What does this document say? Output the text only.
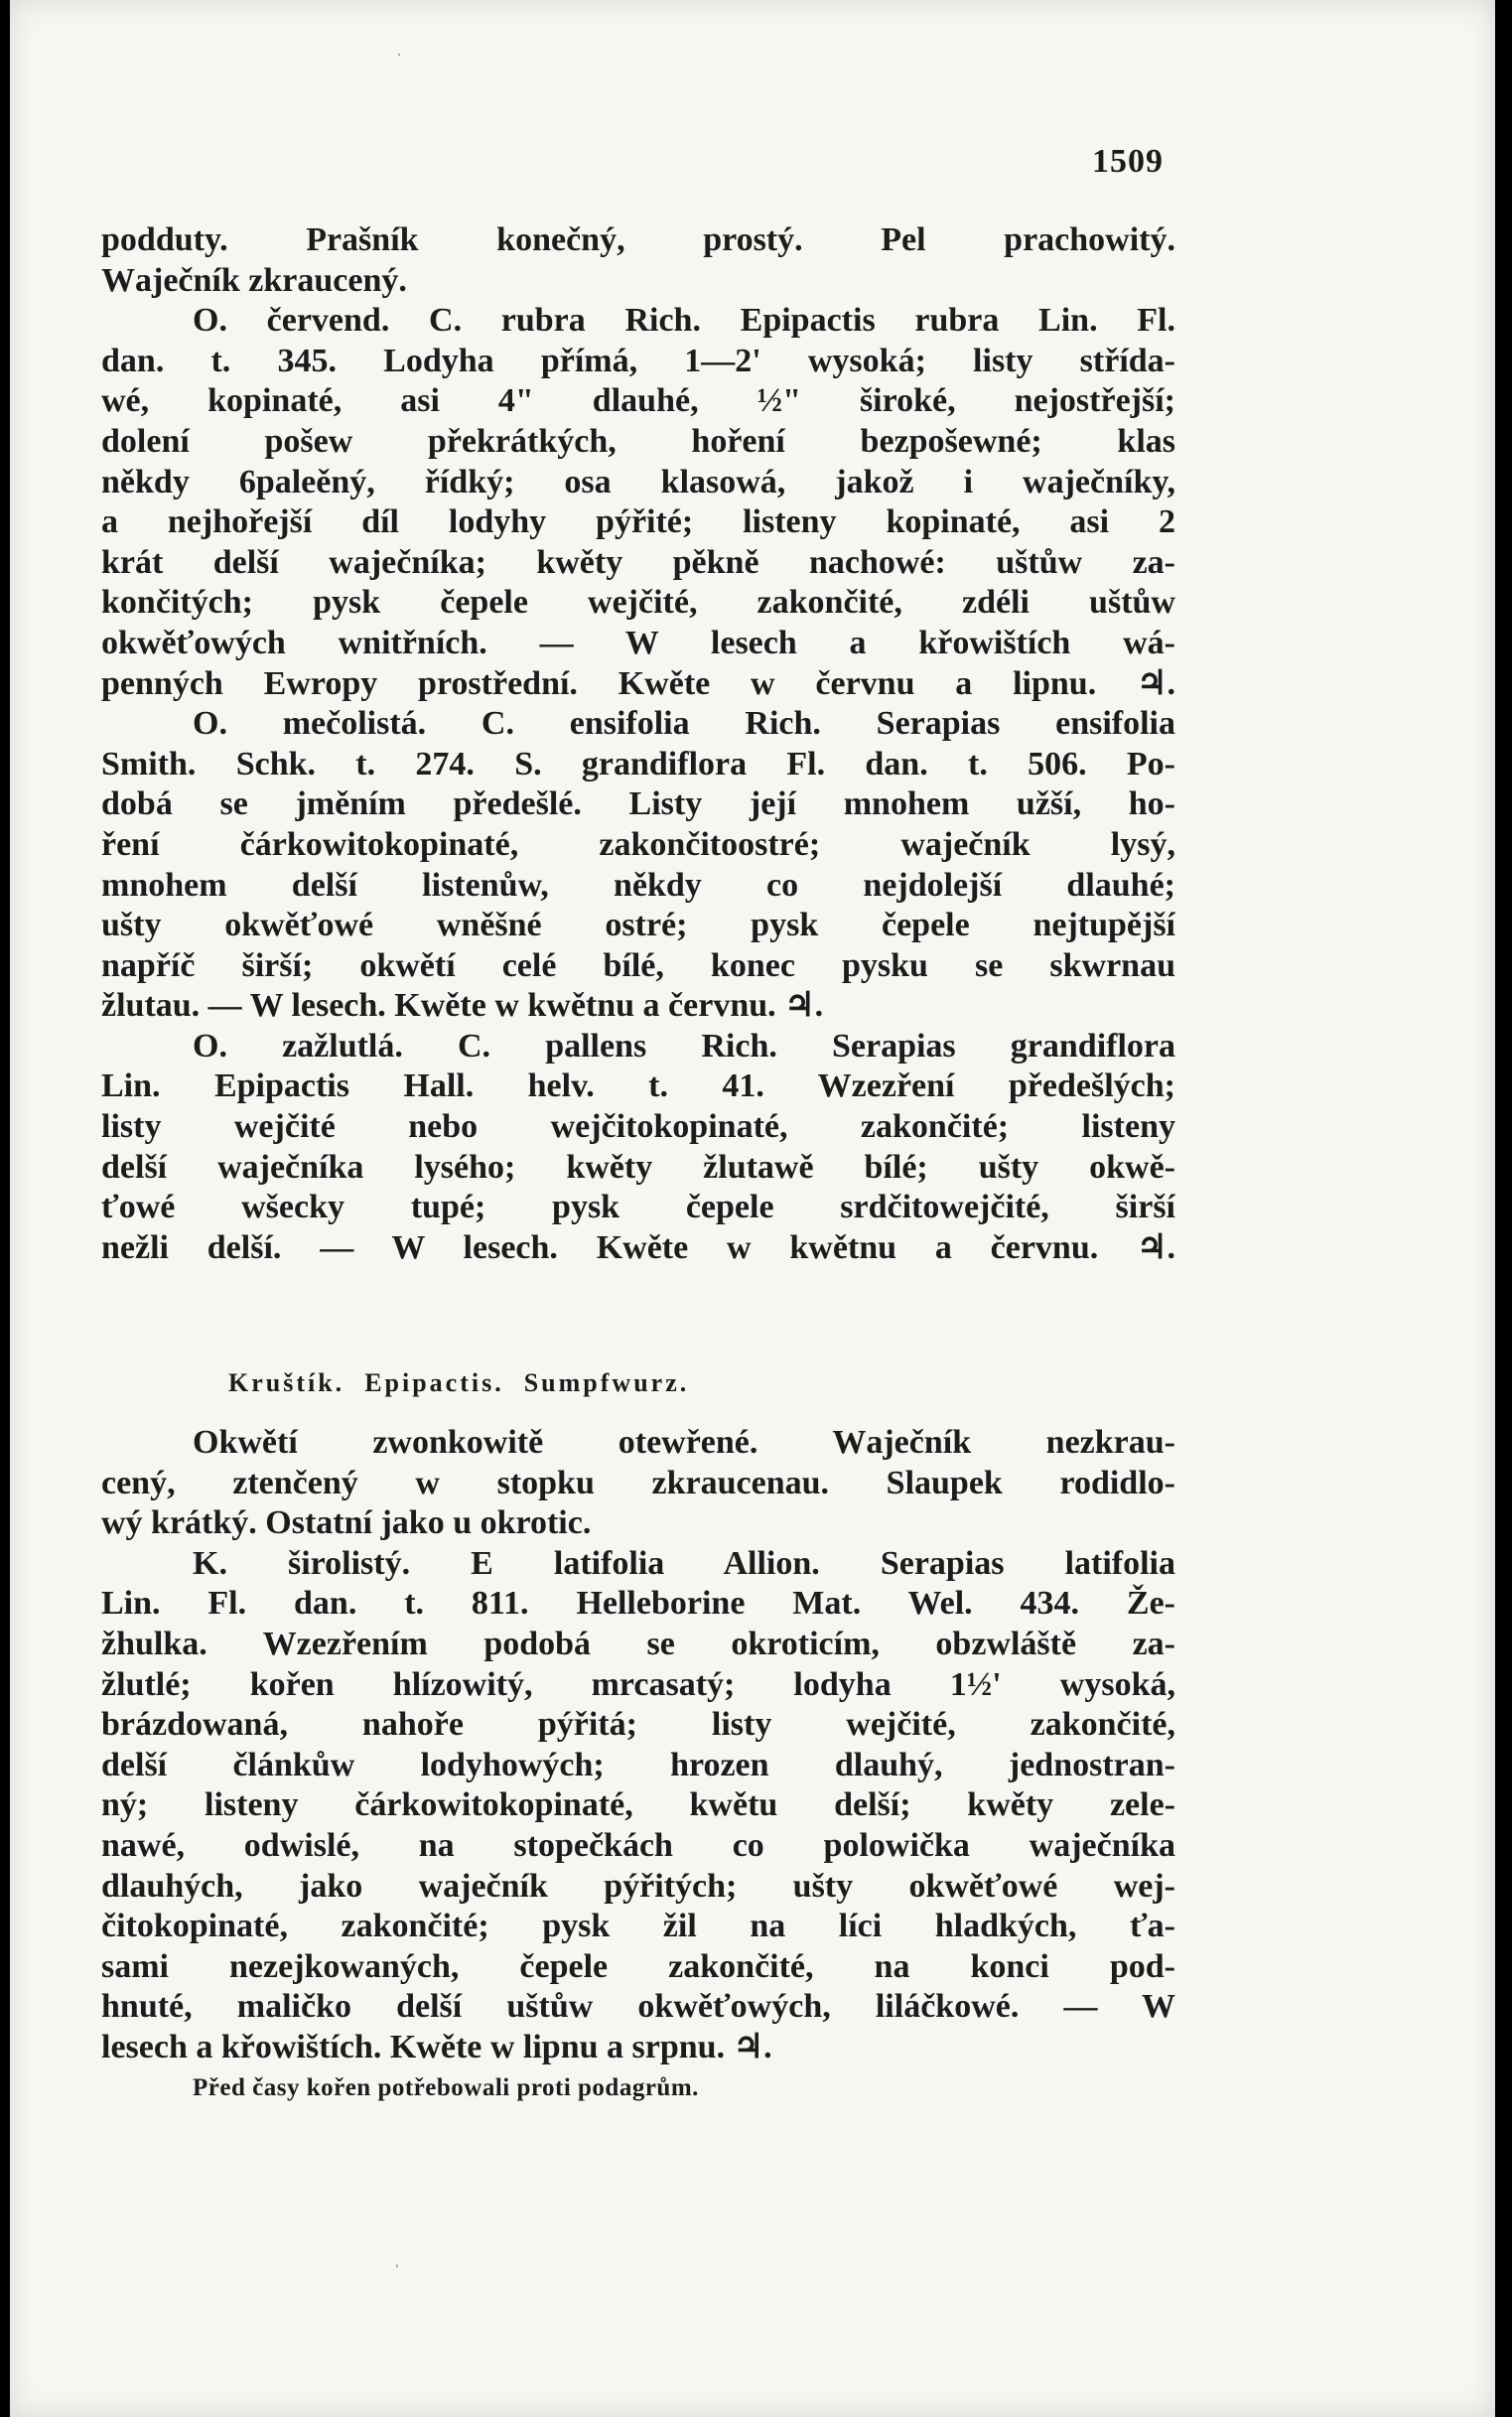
1509
podduty. Prašník konečný, prostý. Pel prachowitý.
Wаječník zkraucený.
O. červend. C. rubra Rich. Epipactis rubra Lin. Fl.
dan. t. 345. Lodyha přímá, 1—2' wysoká; listy střída-
wé, kopinaté, asi 4" dlauhé, ½" široké, nejostřejší;
dolení pošew překrátkých, hoření bezpošewné; klas
někdy 6paleěný, řídký; osa klasowá, jakož i wаječníky,
a nejhořejší díl lodyhy pýřité; listeny kopinaté, asi 2
krát delší wаječníka; kwěty pěkně nachowé: uštůw za-
končitých; pysk čepele wejčité, zakončité, zdéli uštůw
okwěťowých wnitřních. — W lesech a křowištích wá-
penných Ewropy prostřední. Kwěte w červnu a lipnu. ♃.
O. mečolistá. C. ensifolia Rich. Serapias ensifolia
Smith. Schk. t. 274. S. grandiflora Fl. dan. t. 506. Po-
dobá se jměním předešlé. Listy její mnohem užší, ho-
ření čárkowitokopinaté, zakončitoostré; wаječník lysý,
mnohem delší listenůw, někdy co nejdolejší dlauhé;
ušty okwěťowé wněšné ostré; pysk čepele nejtupější
napříč širší; okwětí celé bílé, konec pysku se skwrnau
žlutau. — W lesech. Kwěte w kwětnu a červnu. ♃.
O. zažlutlá. C. pallens Rich. Serapias grandiflora
Lin. Epipactis Hall. helv. t. 41. Wzezření předešlých;
listy wejčité nebo wejčitokopinaté, zakončité; listeny
delší wаječníka lysého; kwěty žlutawě bílé; ušty okwě-
ťowé wšecky tupé; pysk čepele srdčitowejčité, širší
nežli delší. — W lesech. Kwěte w kwětnu a červnu. ♃.
Kruštík. Epipactis. Sumpfwurz.
Okwětí zwonkowitě otewřené. Wаječník nezkrau-
cený, ztenčený w stopku zkraucenau. Slaupek rodidlo-
wý krátký. Ostatní jako u okrotic.
K. širolistý. E latifolia Allion. Serapias latifolia
Lin. Fl. dan. t. 811. Helleborine Mat. Wel. 434. Že-
žhulka. Wzezřením podobá se okroticím, obzwláště za-
žlutlé; kořen hlízowitý, mrcasatý; lodyha 1½' wysoká,
brázdowaná, nahoře pýřitá; listy wejčité, zakončité,
delší článkůw lodyhowých; hrozen dlauhý, jednostran-
ný; listeny čárkowitokopinaté, kwětu delší; kwěty zele-
nawé, odwislé, na stopečkách co polowička wаječníka
dlauhých, jako wаječník pýřitých; ušty okwěťowé wej-
čitokopinaté, zakončité; pysk žil na líci hladkých, ťa-
sami nezejkowaných, čepele zakončité, na konci pod-
hnuté, maličko delší uštůw okwěťowých, liláčkowé. — W
lesech a křowištích. Kwěte w lipnu a srpnu. ♃.
Před časy kořen potřebowali proti podagrům.
·
ˌ
